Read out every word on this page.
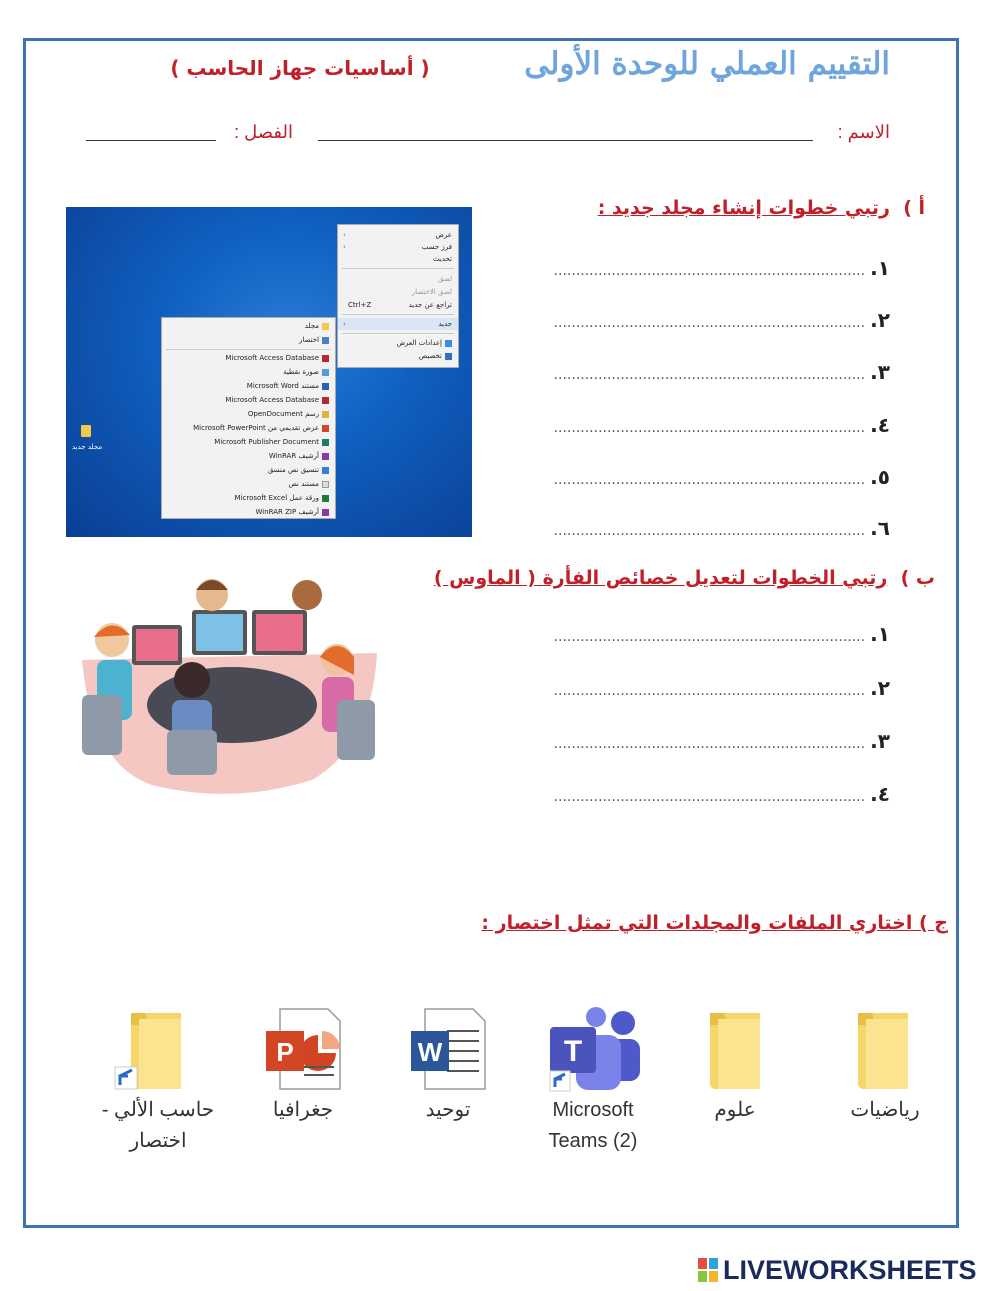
التقييم العملي للوحدة الأولى
( أساسيات جهاز الحاسب )
الاسم :
الفصل :
أ )  رتبي خطوات إنشاء مجلد جديد :
١. ......................................................................
٢. ......................................................................
٣. ......................................................................
٤. ......................................................................
٥. ......................................................................
٦. ......................................................................
مجلد جديد
‹	عرض
‹	فرز حسب
تحديث
لصق
لصق الاختصار
Ctrl+Z	تراجع عن جديد
‹	جديد
إعدادات العرض
تخصيص
مجلد
اختصار
Microsoft Access Database
صورة نقطية
مستند Microsoft Word
Microsoft Access Database
رسم OpenDocument
عرض تقديمي من Microsoft PowerPoint
Microsoft Publisher Document
أرشيف WinRAR
تنسيق نص منسق
مستند نص
ورقة عمل Microsoft Excel
أرشيف WinRAR ZIP
ب )  رتبي الخطوات لتعديل خصائص الفأرة ( الماوس )
١. ......................................................................
٢. ......................................................................
٣. ......................................................................
٤. ......................................................................
ج ) اختاري الملفات والمجلدات التي تمثل اختصار :
رياضيات
علوم
T
Microsoft Teams (2)
W
توحيد
P
جغرافيا
حاسب الألي - اختصار
LIVEWORKSHEETS
